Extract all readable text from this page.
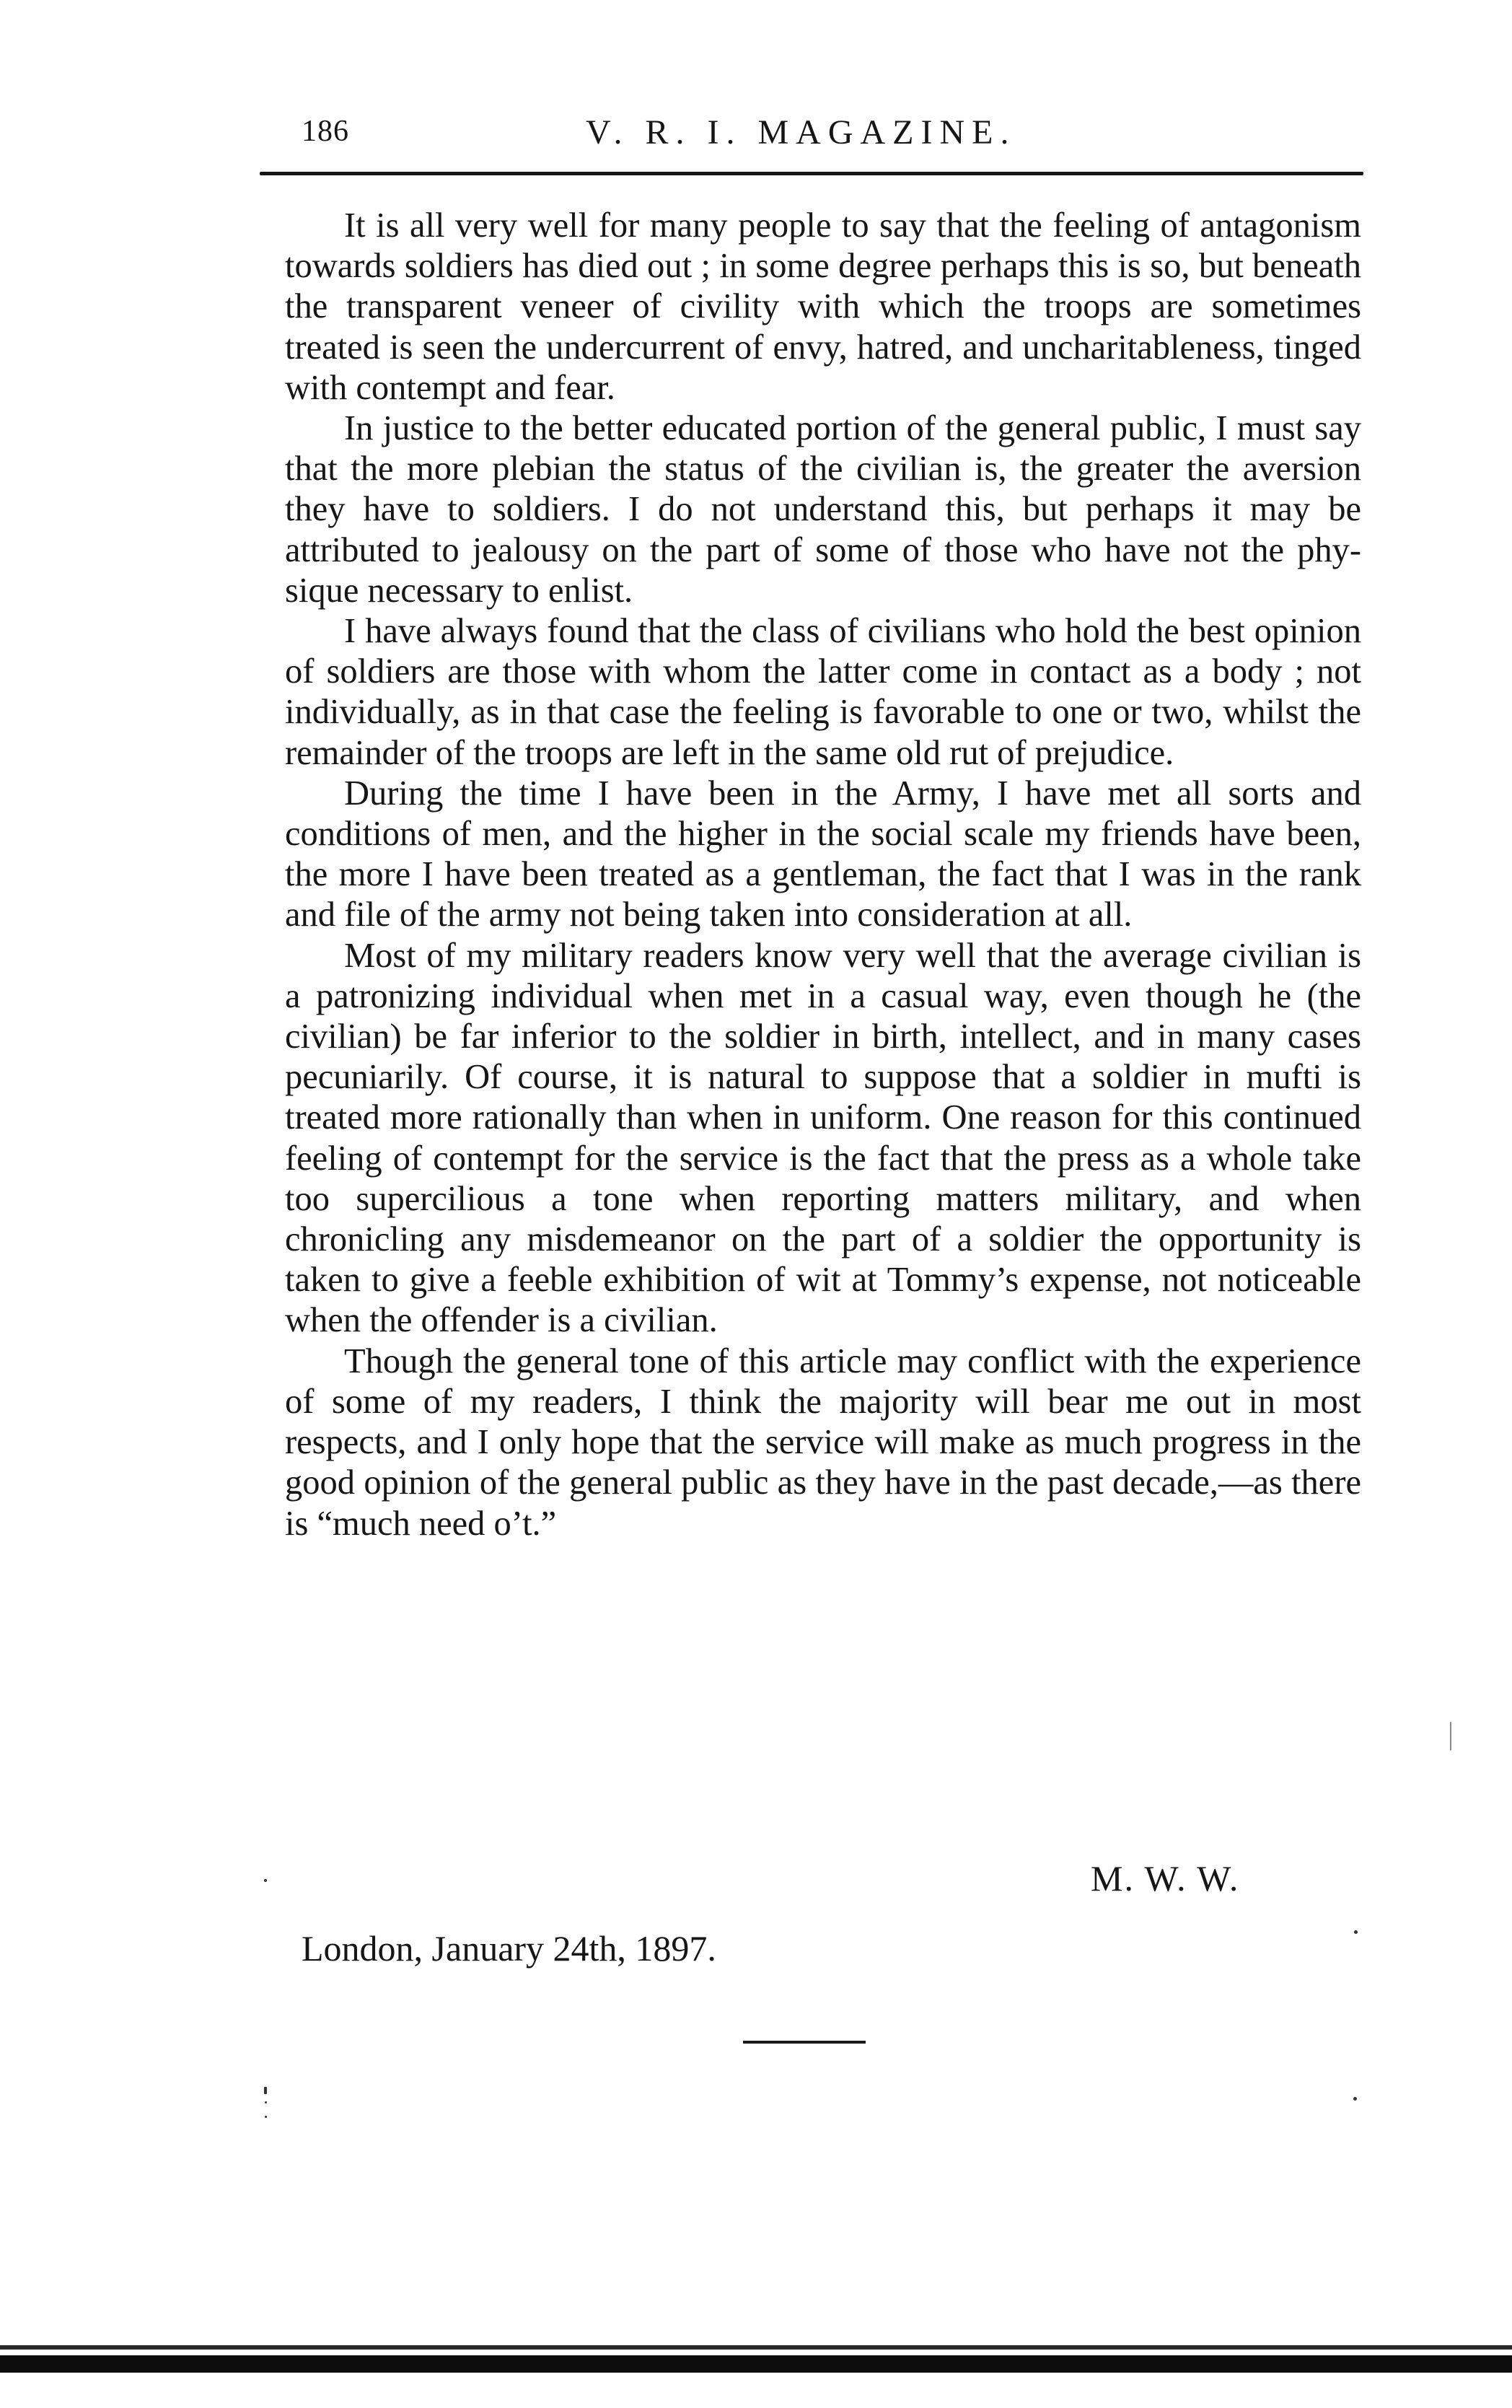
186	V. R. I. MAGAZINE.

It is all very well for many people to say that the feeling of antagonism towards soldiers has died out ; in some degree perhaps this is so, but beneath the transparent veneer of civility with which the troops are sometimes treated is seen the undercurrent of envy, hatred, and uncharitableness, tinged with contempt and fear.

In justice to the better educated portion of the general public, I must say that the more plebian the status of the civilian is, the greater the aversion they have to soldiers. I do not understand this, but perhaps it may be attributed to jealousy on the part of some of those who have not the physique necessary to enlist.

I have always found that the class of civilians who hold the best opinion of soldiers are those with whom the latter come in contact as a body ; not individually, as in that case the feeling is favorable to one or two, whilst the remainder of the troops are left in the same old rut of prejudice.

During the time I have been in the Army, I have met all sorts and conditions of men, and the higher in the social scale my friends have been, the more I have been treated as a gentleman, the fact that I was in the rank and file of the army not being taken into consideration at all.

Most of my military readers know very well that the average civilian is a patronizing individual when met in a casual way, even though he (the civilian) be far inferior to the soldier in birth, intellect, and in many cases pecuniarily. Of course, it is natural to suppose that a soldier in mufti is treated more rationally than when in uniform. One reason for this continued feeling of contempt for the service is the fact that the press as a whole take too supercilious a tone when reporting matters military, and when chronicling any misdemeanor on the part of a soldier the opportunity is taken to give a feeble exhibition of wit at Tommy’s expense, not noticeable when the offender is a civilian.

Though the general tone of this article may conflict with the experience of some of my readers, I think the majority will bear me out in most respects, and I only hope that the service will make as much progress in the good opinion of the general public as they have in the past decade,—as there is “much need o’t.”

M. W. W.
London, January 24th, 1897.
